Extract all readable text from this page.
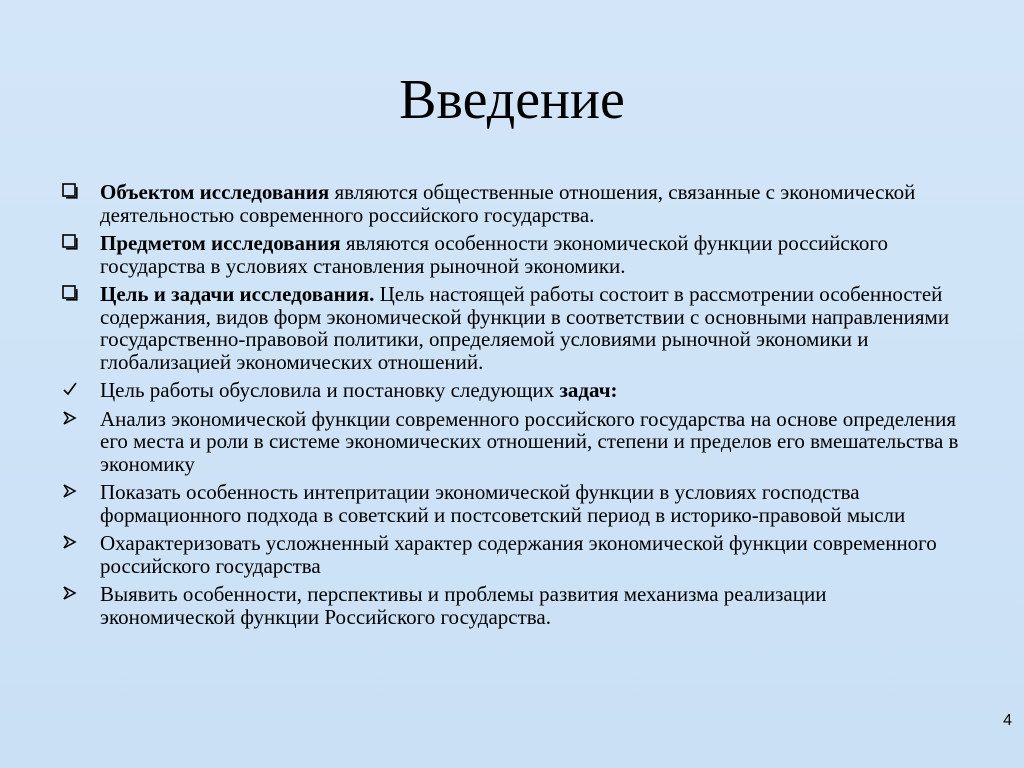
Введение
Объектом исследования являются общественные отношения, связанные с экономической деятельностью современного российского государства.
Предметом исследования являются особенности экономической функции российского государства в условиях становления рыночной экономики.
Цель и задачи исследования. Цель настоящей работы состоит в рассмотрении особенностей содержания, видов форм экономической функции в соответствии с основными направлениями государственно-правовой политики, определяемой условиями рыночной экономики и глобализацией экономических отношений.
Цель работы обусловила и постановку следующих задач:
Анализ экономической функции современного российского государства на основе определения его места и роли в системе экономических отношений, степени и пределов его вмешательства в экономику
Показать особенность интепритации экономической функции в условиях господства формационного подхода в советский и постсоветский период в историко-правовой мысли
Охарактеризовать усложненный характер содержания экономической функции современного российского государства
Выявить особенности, перспективы и проблемы развития механизма реализации экономической функции Российского государства.
4
